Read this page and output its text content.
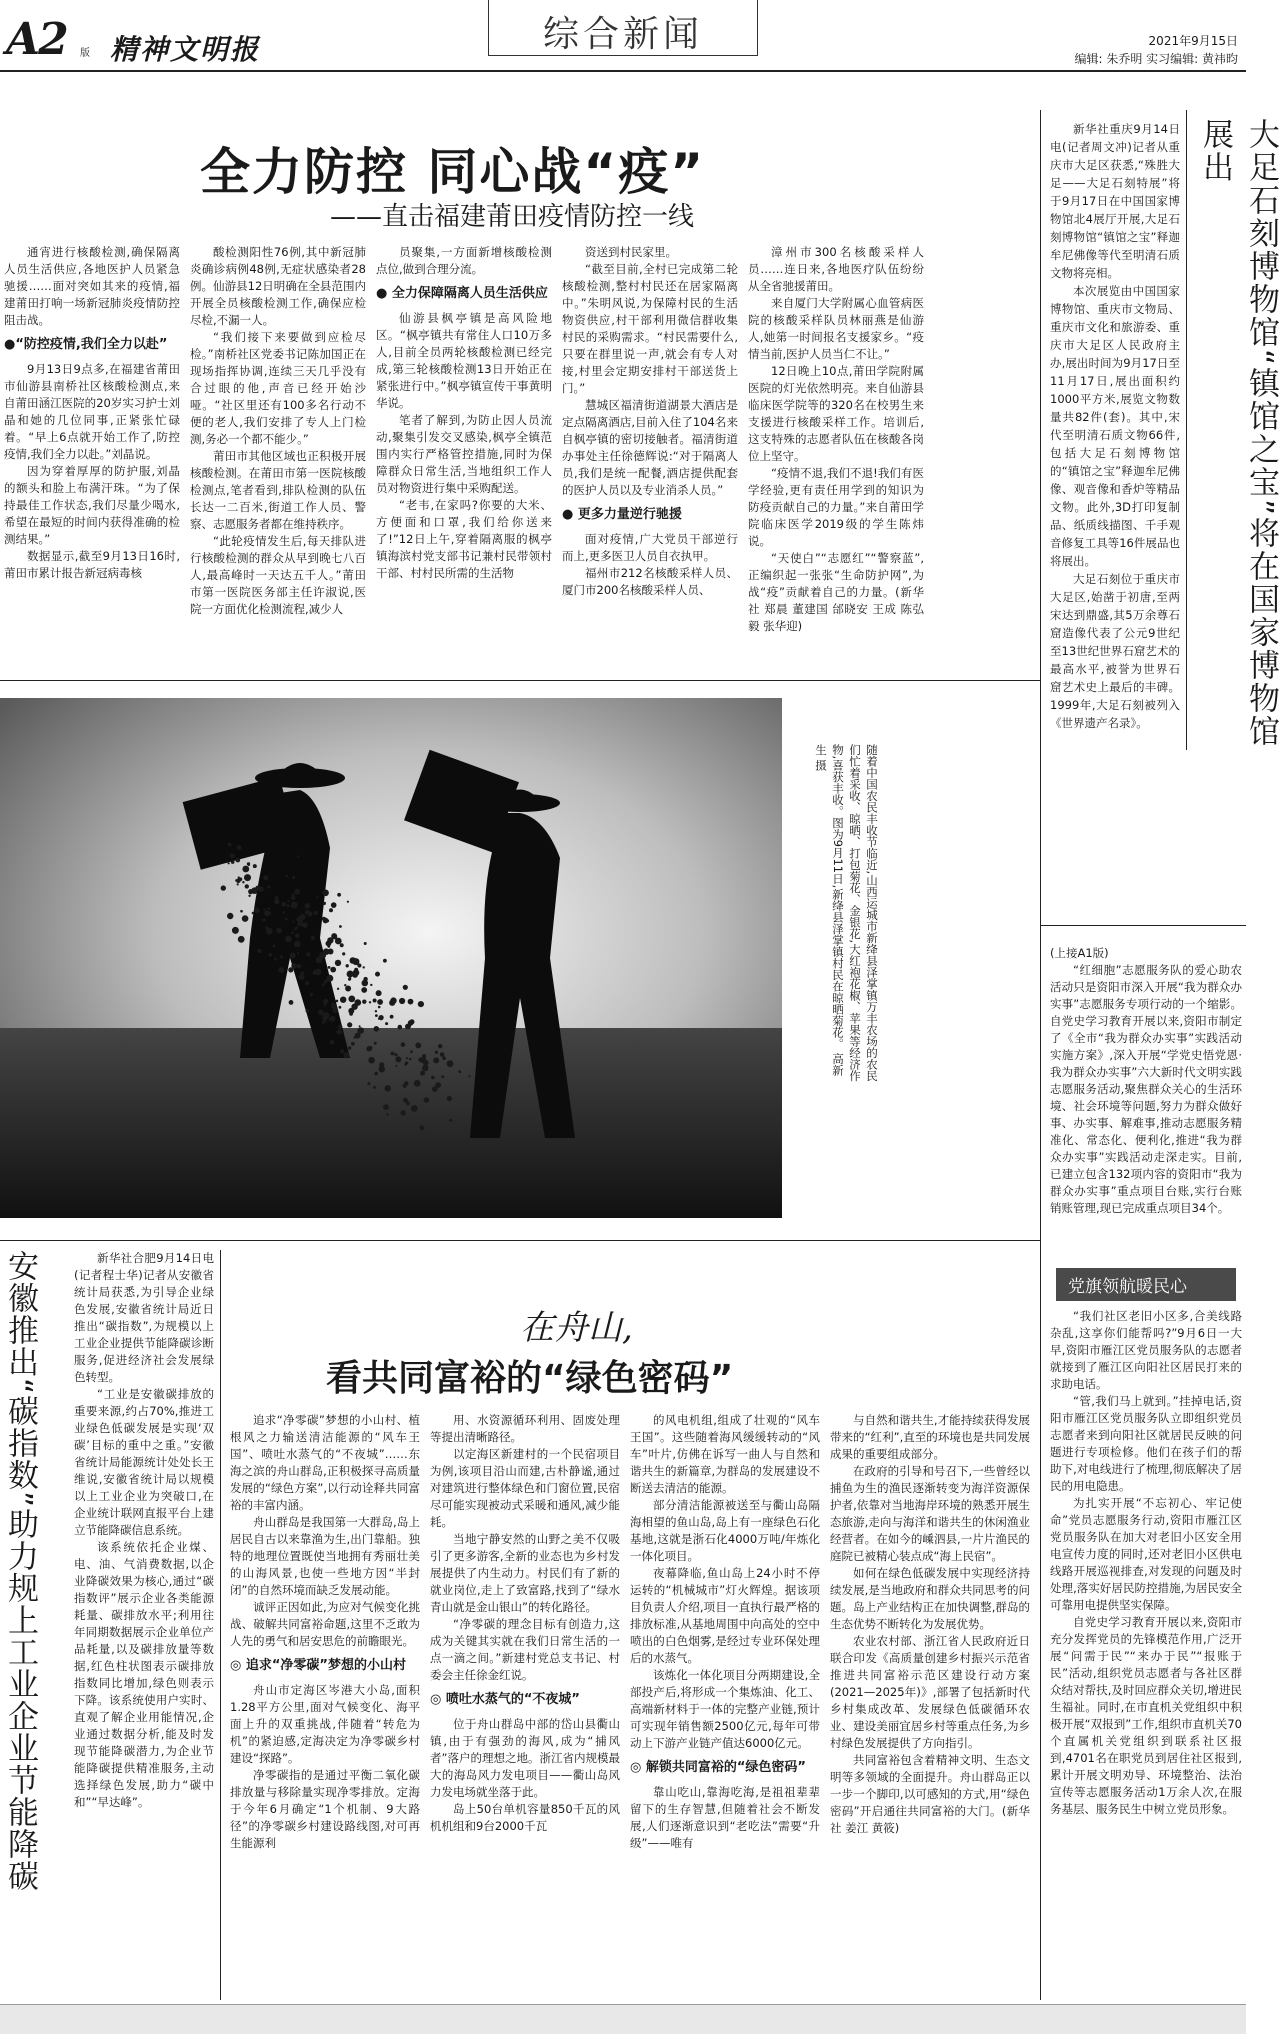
A2 版 精神文明报	综合新闻	2021年9月15日
编辑: 朱乔明 实习编辑: 黄祎昀
全力防控 同心战“疫”
——直击福建莆田疫情防控一线

通宵进行核酸检测,确保隔离人员生活供应,各地医护人员紧急驰援……面对突如其来的疫情,福建莆田打响一场新冠肺炎疫情防控阻击战。

●“防控疫情,我们全力以赴”

9月13日9点多,在福建省莆田市仙游县南桥社区核酸检测点,来自莆田涵江医院的20岁实习护士刘晶和她的几位同事,正紧张忙碌着。“早上6点就开始工作了,防控疫情,我们全力以赴。”刘晶说。

因为穿着厚厚的防护服,刘晶的额头和脸上布满汗珠。“为了保持最佳工作状态,我们尽量少喝水,希望在最短的时间内获得准确的检测结果。”

数据显示,截至9月13日16时,莆田市累计报告新冠病毒核

酸检测阳性76例,其中新冠肺炎确诊病例48例,无症状感染者28例。仙游县12日明确在全县范围内开展全员核酸检测工作,确保应检尽检,不漏一人。

“我们接下来要做到应检尽检。”南桥社区党委书记陈加国正在现场指挥协调,连续三天几乎没有合过眼的他,声音已经开始沙哑。“社区里还有100多名行动不便的老人,我们安排了专人上门检测,务必一个都不能少。”

莆田市其他区域也正积极开展核酸检测。在莆田市第一医院核酸检测点,笔者看到,排队检测的队伍长达一二百米,街道工作人员、警察、志愿服务者都在维持秩序。

“此轮疫情发生后,每天排队进行核酸检测的群众从早到晚七八百人,最高峰时一天达五千人。”莆田市第一医院医务部主任许淑说,医院一方面优化检测流程,减少人

员聚集,一方面新增核酸检测点位,做到合理分流。

● 全力保障隔离人员生活供应

仙游县枫亭镇是高风险地区。“枫亭镇共有常住人口10万多人,目前全员两轮核酸检测已经完成,第三轮核酸检测13日开始正在紧张进行中。”枫亭镇宣传干事黄明华说。

笔者了解到,为防止因人员流动,聚集引发交叉感染,枫亭全镇范围内实行严格管控措施,同时为保障群众日常生活,当地组织工作人员对物资进行集中采购配送。

“老韦,在家吗?你要的大米、方便面和口罩,我们给你送来了!”12日上午,穿着隔离服的枫亭镇海滨村党支部书记兼村民带领村干部、村村民所需的生活物

资送到村民家里。

“截至目前,全村已完成第二轮核酸检测,整村村民还在居家隔离中。”朱明风说,为保障村民的生活物资供应,村干部利用微信群收集村民的采购需求。“村民需要什么,只要在群里说一声,就会有专人对接,村里会定期安排村干部送货上门。”

慧城区福清街道湖景大酒店是定点隔离酒店,目前入住了104名来自枫亭镇的密切接触者。福清街道办事处主任徐德辉说:“对于隔离人员,我们是统一配餐,酒店提供配套的医护人员以及专业消杀人员。”

● 更多力量逆行驰援

面对疫情,广大党员干部逆行而上,更多医卫人员自衣执甲。

福州市212名核酸采样人员、厦门市200名核酸采样人员、

漳州市300名核酸采样人员……连日来,各地医疗队伍纷纷从全省驰援莆田。

来自厦门大学附属心血管病医院的核酸采样队员林丽燕是仙游人,她第一时间报名支援家乡。“疫情当前,医护人员当仁不让。”

12日晚上10点,莆田学院附属医院的灯光依然明亮。来自仙游县临床医学院等的320名在校男生来支援进行核酸采样工作。培训后,这支特殊的志愿者队伍在核酸各岗位上坚守。

“疫情不退,我们不退!我们有医学经验,更有责任用学到的知识为防疫贡献自己的力量。”来自莆田学院临床医学2019级的学生陈炜说。

“天使白”“志愿红”“警察蓝”,正编织起一张张“生命防护网”,为战“疫”贡献着自己的力量。(新华社 郑晨 董建国 邰晓安 王成 陈弘毅 张华迎)	大足石刻博物馆“镇馆之宝”将在国家博物馆展出

新华社重庆9月14日电(记者周文冲)记者从重庆市大足区获悉,“殊胜大足——大足石刻特展”将于9月17日在中国国家博物馆北4展厅开展,大足石刻博物馆“镇馆之宝”释迦牟尼佛像等代至明清石质文物将亮相。

本次展览由中国国家博物馆、重庆市文物局、重庆市文化和旅游委、重庆市大足区人民政府主办,展出时间为9月17日至11月17日,展出面积约1000平方米,展览文物数量共82件(套)。其中,宋代至明清石质文物66件,包括大足石刻博物馆的“镇馆之宝”释迦牟尼佛像、观音像和香炉等精品文物。此外,3D打印复制品、纸质线描图、千手观音修复工具等16件展品也将展出。

大足石刻位于重庆市大足区,始凿于初唐,至两宋达到鼎盛,其5万余尊石窟造像代表了公元9世纪至13世纪世界石窟艺术的最高水平,被誉为世界石窟艺术史上最后的丰碑。1999年,大足石刻被列入《世界遗产名录》。

(上接A1版)

“红细胞”志愿服务队的爱心助农活动只是资阳市深入开展“我为群众办实事”志愿服务专项行动的一个缩影。自党史学习教育开展以来,资阳市制定了《全市“我为群众办实事”实践活动实施方案》,深入开展“学党史悟党恩·我为群众办实事”六大新时代文明实践志愿服务活动,聚焦群众关心的生活环境、社会环境等问题,努力为群众做好事、办实事、解难事,推动志愿服务精准化、常态化、便利化,推进“我为群众办实事”实践活动走深走实。目前,已建立包含132项内容的资阳市“我为群众办实事”重点项目台账,实行台账销账管理,现已完成重点项目34个。

党旗领航暖民心

“我们社区老旧小区多,合美线路杂乱,这享你们能帮吗?”9月6日一大早,资阳市雁江区党员服务队的志愿者就接到了雁江区向阳社区居民打来的求助电话。

“管,我们马上就到。”挂掉电话,资阳市雁江区党员服务队立即组织党员志愿者来到向阳社区就居民反映的问题进行专项检修。他们在孩子们的帮助下,对电线进行了梳理,彻底解决了居民的用电隐患。

为扎实开展“不忘初心、牢记使命”党员志愿服务行动,资阳市雁江区党员服务队在加大对老旧小区安全用电宣传力度的同时,还对老旧小区供电线路开展巡视排查,对发现的问题及时处理,落实好居民防控措施,为居民安全可靠用电提供坚实保障。

自党史学习教育开展以来,资阳市充分发挥党员的先锋模范作用,广泛开展“问需于民”“来办于民”“报账于民”活动,组织党员志愿者与各社区群众结对帮扶,及时回应群众关切,增进民生福祉。同时,在市直机关党组织中积极开展“双报到”工作,组织市直机关70个直属机关党组织到联系社区报到,4701名在职党员到居住社区报到,累计开展文明劝导、环境整治、法治宣传等志愿服务活动1万余人次,在服务基层、服务民生中树立党员形象。

随着中国农民丰收节临近,山西运城市新绛县泽掌镇万丰农场的农民们忙着采收、晾晒、打包菊花、金银花,大红袍花椒、苹果等经济作物,喜获丰收。图为9月11日,新绛县泽掌镇村民在晾晒菊花。 高新生 摄
安徽推出“碳指数”助力规上工业企业节能降碳	新华社合肥9月14日电(记者程士华)记者从安徽省统计局获悉,为引导企业绿色发展,安徽省统计局近日推出“碳指数”,为规模以上工业企业提供节能降碳诊断服务,促进经济社会发展绿色转型。

“工业是安徽碳排放的重要来源,约占70%,推进工业绿色低碳发展是实现‘双碳’目标的重中之重。”安徽省统计局能源统计处处长王维说,安徽省统计局以规模以上工业企业为突破口,在企业统计联网直报平台上建立节能降碳信息系统。

该系统依托企业煤、电、油、气消费数据,以企业降碳效果为核心,通过“碳指数评”展示企业各类能源耗量、碳排放水平;利用往年同期数据展示企业单位产品耗量,以及碳排放量等数据,红色柱状图表示碳排放指数同比增加,绿色则表示下降。该系统使用户实时、直观了解企业用能情况,企业通过数据分析,能及时发现节能降碳潜力,为企业节能降碳提供精准服务,主动选择绿色发展,助力“碳中和”“早达峰”。

在舟山,
看共同富裕的“绿色密码”

追求“净零碳”梦想的小山村、植根风之力输送清洁能源的“风车王国”、喷吐水蒸气的“不夜城”……东海之滨的舟山群岛,正积极探寻高质量发展的“绿色方案”,以行动诠释共同富裕的丰富内涵。

舟山群岛是我国第一大群岛,岛上居民自古以来靠渔为生,出门靠船。独特的地理位置既使当地拥有秀丽壮美的山海风景,也使一些地方因“半封闭”的自然环境而缺乏发展动能。

诚评正因如此,为应对气候变化挑战、破解共同富裕命题,这里不乏敢为人先的勇气和居安思危的前瞻眼光。

◎ 追求“净零碳”梦想的小山村

舟山市定海区岑港大小岛,面积1.28平方公里,面对气候变化、海平面上升的双重挑战,伴随着“转危为机”的紧迫感,定海决定为净零碳乡村建设“探路”。

净零碳指的是通过平衡二氧化碳排放量与移除量实现净零排放。定海于今年6月确定“1个机制、9大路径”的净零碳乡村建设路线图,对可再生能源利

用、水资源循环利用、固废处理等提出清晰路径。

以定海区新建村的一个民宿项目为例,该项目沿山而建,古朴静谧,通过对建筑进行整体绿色和门窗位置,民宿尽可能实现被动式采暖和通风,减少能耗。

当地宁静安然的山野之美不仅吸引了更多游客,全新的业态也为乡村发展提供了内生动力。村民们有了新的就业岗位,走上了致富路,找到了“绿水青山就是金山银山”的转化路径。

“净零碳的理念目标有创造力,这成为关键其实就在我们日常生活的一点一滴之间。”新建村党总支书记、村委会主任徐金红说。

◎ 喷吐水蒸气的“不夜城”

位于舟山群岛中部的岱山县衢山镇,由于有强劲的海风,成为“捕风者”落户的理想之地。浙江省内规模最大的海岛风力发电项目——衢山岛风力发电场就坐落于此。

岛上50台单机容量850千瓦的风机机组和9台2000千瓦

的风电机组,组成了壮观的“风车王国”。这些随着海风缓缓转动的“风车”叶片,仿佛在诉写一曲人与自然和谐共生的新篇章,为群岛的发展建设不断送去清洁的能源。

部分清洁能源被送至与衢山岛隔海相望的鱼山岛,岛上有一座绿色石化基地,这就是浙石化4000万吨/年炼化一体化项目。

夜幕降临,鱼山岛上24小时不停运转的“机械城市”灯火辉煌。据该项目负责人介绍,项目一直执行最严格的排放标准,从基地周围中向高处的空中喷出的白色烟雾,是经过专业环保处理后的水蒸气。

该炼化一体化项目分两期建设,全部投产后,将形成一个集炼油、化工、高端新材料于一体的完整产业链,预计可实现年销售额2500亿元,每年可带动上下游产业链产值达6000亿元。

◎ 解锁共同富裕的“绿色密码”

靠山吃山,靠海吃海,是祖祖辈辈留下的生存智慧,但随着社会不断发展,人们逐渐意识到“老吃法”需要“升级”——唯有

与自然和谐共生,才能持续获得发展带来的“红利”,直至的环境也是共同发展成果的重要组成部分。

在政府的引导和号召下,一些曾经以捕鱼为生的渔民逐渐转变为海洋资源保护者,依靠对当地海岸环境的熟悉开展生态旅游,走向与海洋和谐共生的休闲渔业经营者。在如今的嵊泗县,一片片渔民的庭院已被精心装点成“海上民宿”。

如何在绿色低碳发展中实现经济持续发展,是当地政府和群众共同思考的问题。岛上产业结构正在加快调整,群岛的生态优势不断转化为发展优势。

农业农村部、浙江省人民政府近日联合印发《高质量创建乡村振兴示范省推进共同富裕示范区建设行动方案(2021—2025年)》,部署了包括新时代乡村集成改革、发展绿色低碳循环农业、建设美丽宜居乡村等重点任务,为乡村绿色发展提供了方向指引。

共同富裕包含着精神文明、生态文明等多领域的全面提升。舟山群岛正以一步一个脚印,以可感知的方式,用“绿色密码”开启通往共同富裕的大门。(新华社 姜江 黄筱)
